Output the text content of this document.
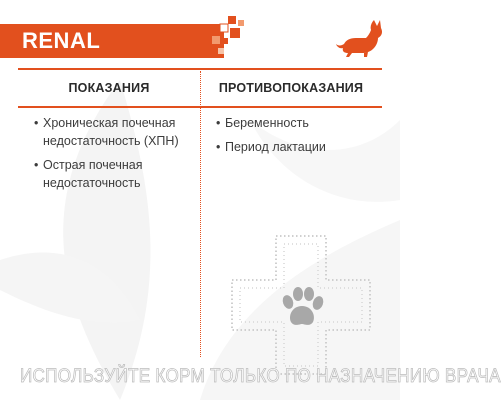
RENAL
ПОКАЗАНИЯ	ПРОТИВОПОКАЗАНИЯ
• Хроническая почечная недостаточность (ХПН)
• Острая почечная недостаточность
• Беременность
• Период лактации
ИСПОЛЬЗУЙТЕ КОРМ ТОЛЬКО ПО НАЗНАЧЕНИЮ ВРАЧА
